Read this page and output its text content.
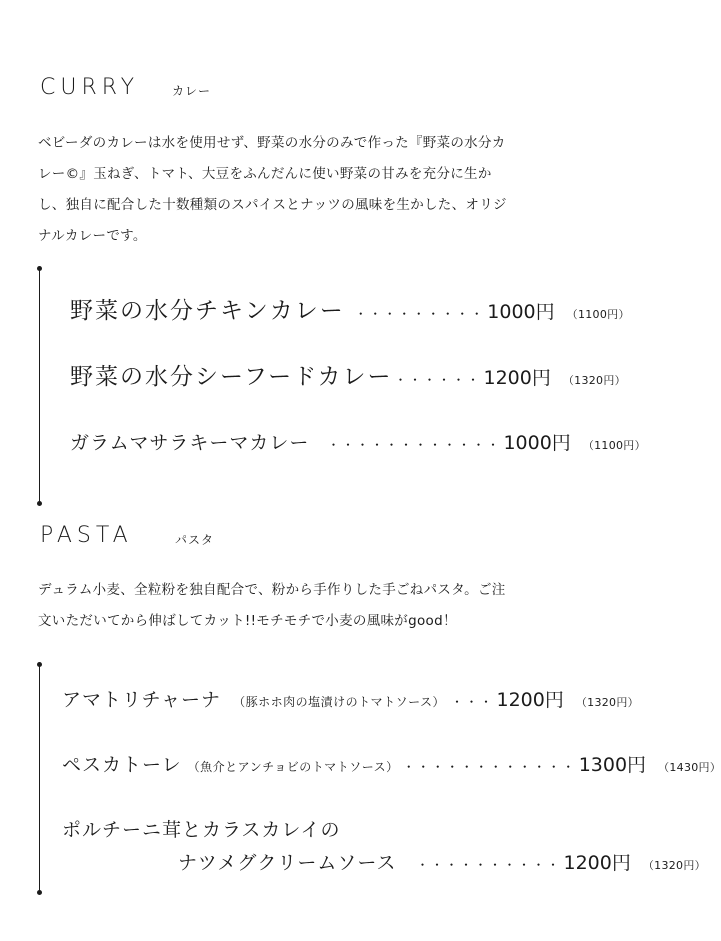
CURRY	カレー
ベビーダのカレーは水を使用せず、野菜の水分のみで作った『野菜の水分カレー©』玉ねぎ、トマト、大豆をふんだんに使い野菜の甘みを充分に生かし、独自に配合した十数種類のスパイスとナッツの風味を生かした、オリジナルカレーです。
野菜の水分チキンカレー ・・・・・・・・・ 1000円 （1100円）
野菜の水分シーフードカレー ・・・・・・ 1200円 （1320円）
ガラムマサラキーマカレー ・・・・・・・・・・・・ 1000円 （1100円）
PASTA	パスタ
デュラム小麦、全粒粉を独自配合で、粉から手作りした手ごねパスタ。ご注文いただいてから伸ばしてカット!!モチモチで小麦の風味がgood！
アマトリチャーナ （豚ホホ肉の塩漬けのトマトソース） ・・・ 1200円 （1320円）
ペスカトーレ （魚介とアンチョビのトマトソース） ・・・・・・・・・・・・ 1300円 （1430円）
ポルチーニ茸とカラスカレイの
ナツメグクリームソース ・・・・・・・・・・ 1200円 （1320円）
